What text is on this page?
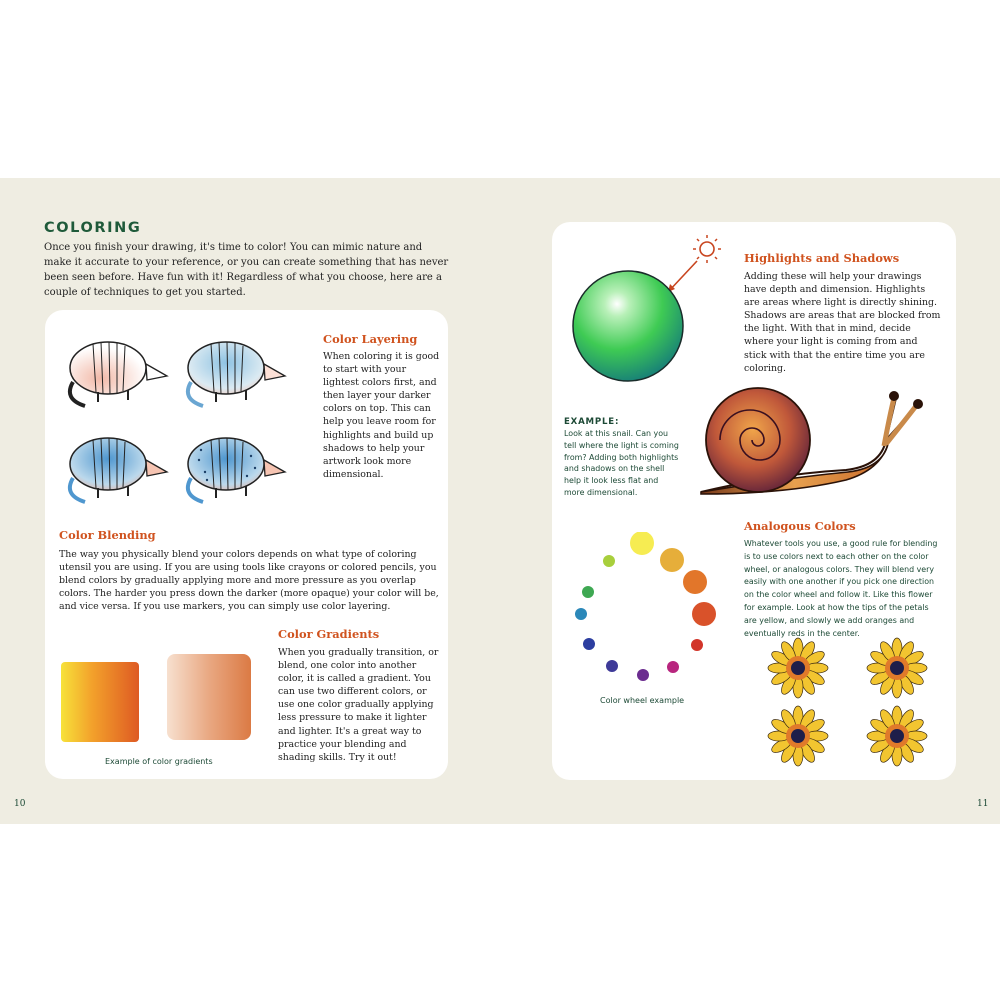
COLORING
Once you finish your drawing, it's time to color! You can mimic nature and make it accurate to your reference, or you can create something that has never been seen before. Have fun with it! Regardless of what you choose, here are a couple of techniques to get you started.
Color Layering
When coloring it is good to start with your lightest colors first, and then layer your darker colors on top. This can help you leave room for highlights and build up shadows to help your artwork look more dimensional.
Color Blending
The way you physically blend your colors depends on what type of coloring utensil you are using. If you are using tools like crayons or colored pencils, you blend colors by gradually applying more and more pressure as you overlap colors. The harder you press down the darker (more opaque) your color will be, and vice versa. If you use markers, you can simply use color layering.
Example of color gradients
Color Gradients
When you gradually transition, or blend, one color into another color, it is called a gradient. You can use two different colors, or use one color gradually applying less pressure to make it lighter and lighter. It's a great way to practice your blending and shading skills. Try it out!
10
Highlights and Shadows
Adding these will help your drawings have depth and dimension. Highlights are areas where light is directly shining. Shadows are areas that are blocked from the light. With that in mind, decide where your light is coming from and stick with that the entire time you are coloring.
EXAMPLE:
Look at this snail. Can you tell where the light is coming from? Adding both highlights and shadows on the shell help it look less flat and more dimensional.
Analogous Colors
Whatever tools you use, a good rule for blending is to use colors next to each other on the color wheel, or analogous colors. They will blend very easily with one another if you pick one direction on the color wheel and follow it. Like this flower for example. Look at how the tips of the petals are yellow, and slowly we add oranges and eventually reds in the center.
Color wheel example
11
